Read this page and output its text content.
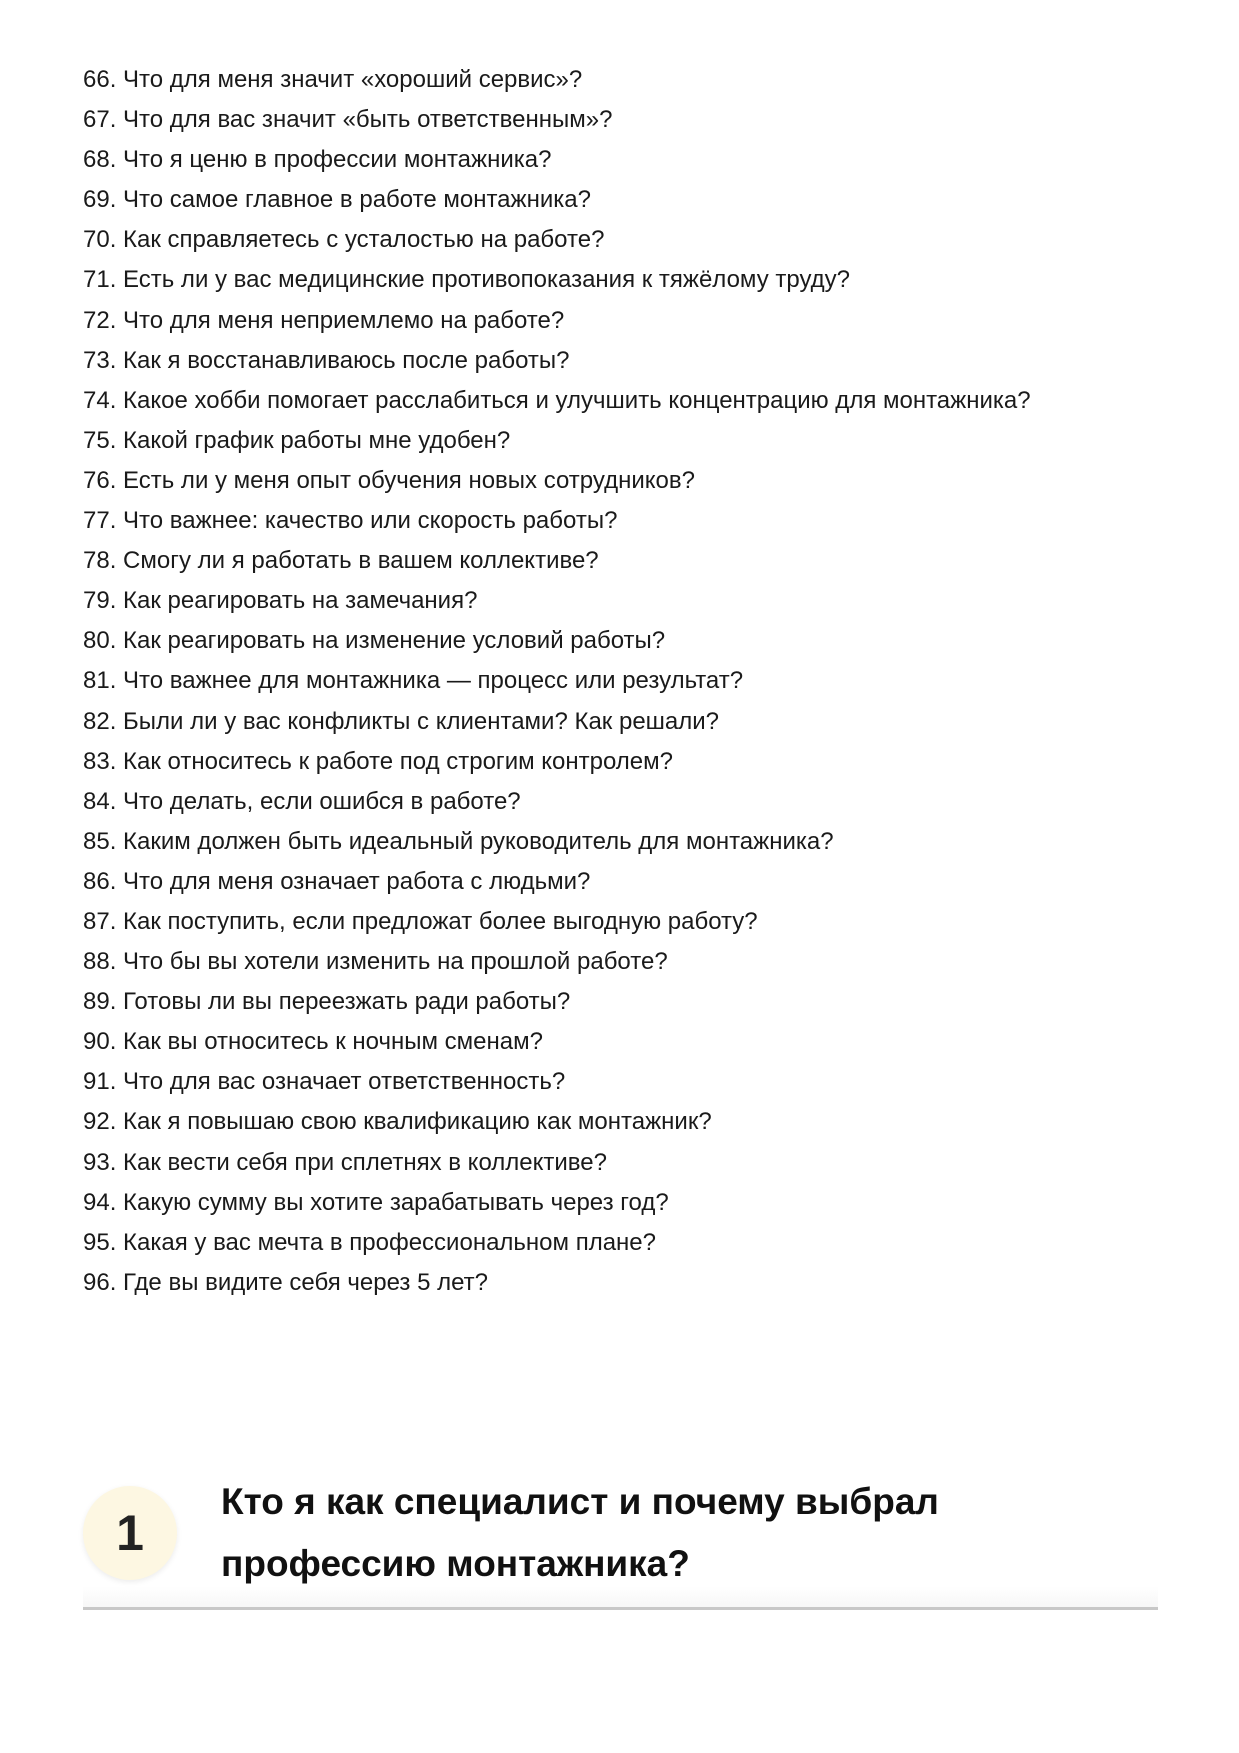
66. Что для меня значит «хороший сервис»?
67. Что для вас значит «быть ответственным»?
68. Что я ценю в профессии монтажника?
69. Что самое главное в работе монтажника?
70. Как справляетесь с усталостью на работе?
71. Есть ли у вас медицинские противопоказания к тяжёлому труду?
72. Что для меня неприемлемо на работе?
73. Как я восстанавливаюсь после работы?
74. Какое хобби помогает расслабиться и улучшить концентрацию для монтажника?
75. Какой график работы мне удобен?
76. Есть ли у меня опыт обучения новых сотрудников?
77. Что важнее: качество или скорость работы?
78. Смогу ли я работать в вашем коллективе?
79. Как реагировать на замечания?
80. Как реагировать на изменение условий работы?
81. Что важнее для монтажника — процесс или результат?
82. Были ли у вас конфликты с клиентами? Как решали?
83. Как относитесь к работе под строгим контролем?
84. Что делать, если ошибся в работе?
85. Каким должен быть идеальный руководитель для монтажника?
86. Что для меня означает работа с людьми?
87. Как поступить, если предложат более выгодную работу?
88. Что бы вы хотели изменить на прошлой работе?
89. Готовы ли вы переезжать ради работы?
90. Как вы относитесь к ночным сменам?
91. Что для вас означает ответственность?
92. Как я повышаю свою квалификацию как монтажник?
93. Как вести себя при сплетнях в коллективе?
94. Какую сумму вы хотите зарабатывать через год?
95. Какая у вас мечта в профессиональном плане?
96. Где вы видите себя через 5 лет?
1
Кто я как специалист и почему выбрал профессию монтажника?
